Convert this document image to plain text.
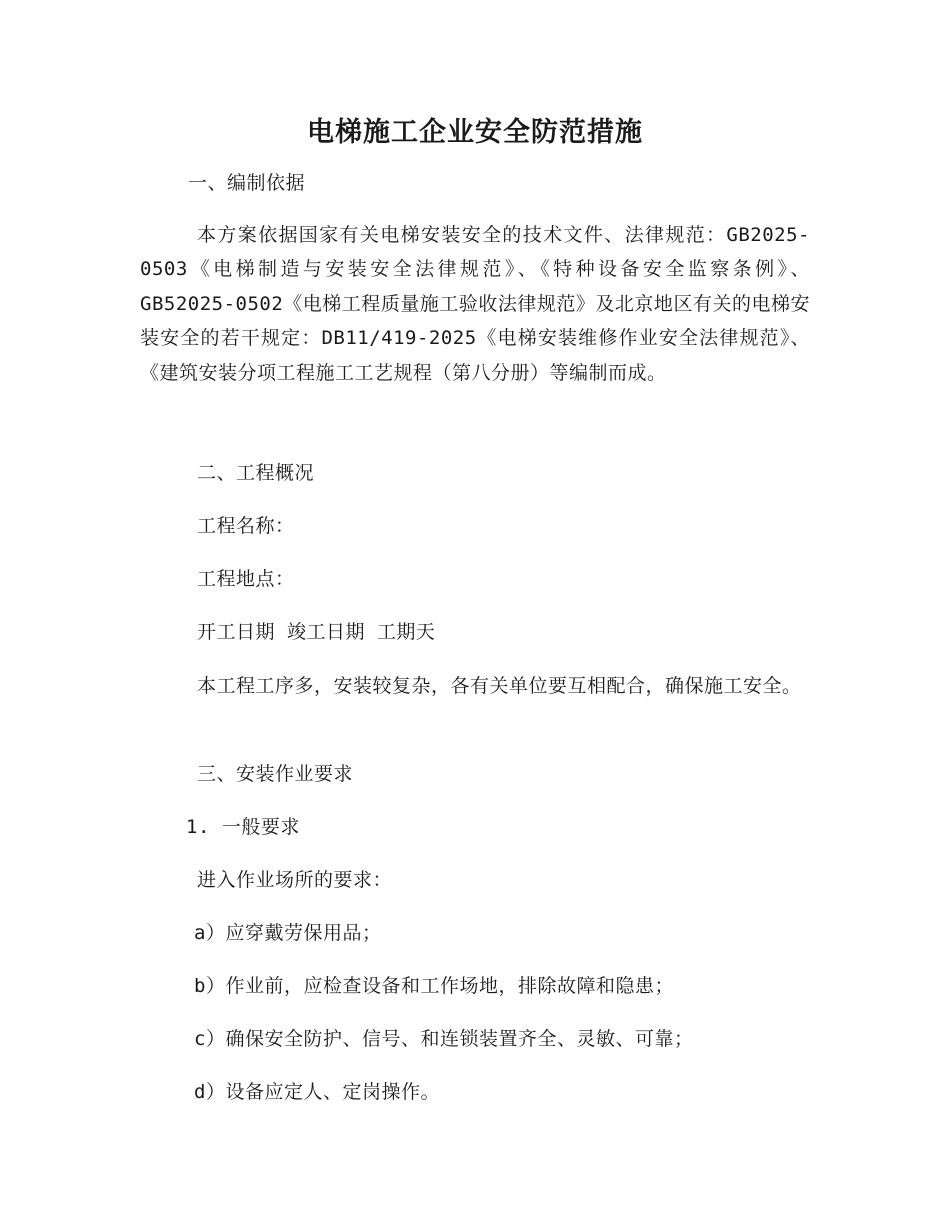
电梯施工企业安全防范措施
一、编制依据

本方案依据国家有关电梯安装安全的技术文件、法律规范：GB2025-0503《电梯制造与安装安全法律规范》、《特种设备安全监察条例》、GB52025-0502《电梯工程质量施工验收法律规范》及北京地区有关的电梯安装安全的若干规定：DB11/419-2025《电梯安装维修作业安全法律规范》、《建筑安装分项工程施工工艺规程（第八分册）等编制而成。

二、工程概况
工程名称：
工程地点：
开工日期 竣工日期 工期天

本工程工序多，安装较复杂，各有关单位要互相配合，确保施工安全。

三、安装作业要求
1. 一般要求
进入作业场所的要求：
a）应穿戴劳保用品；
b）作业前，应检查设备和工作场地，排除故障和隐患；
c）确保安全防护、信号、和连锁装置齐全、灵敏、可靠；
d）设备应定人、定岗操作。
